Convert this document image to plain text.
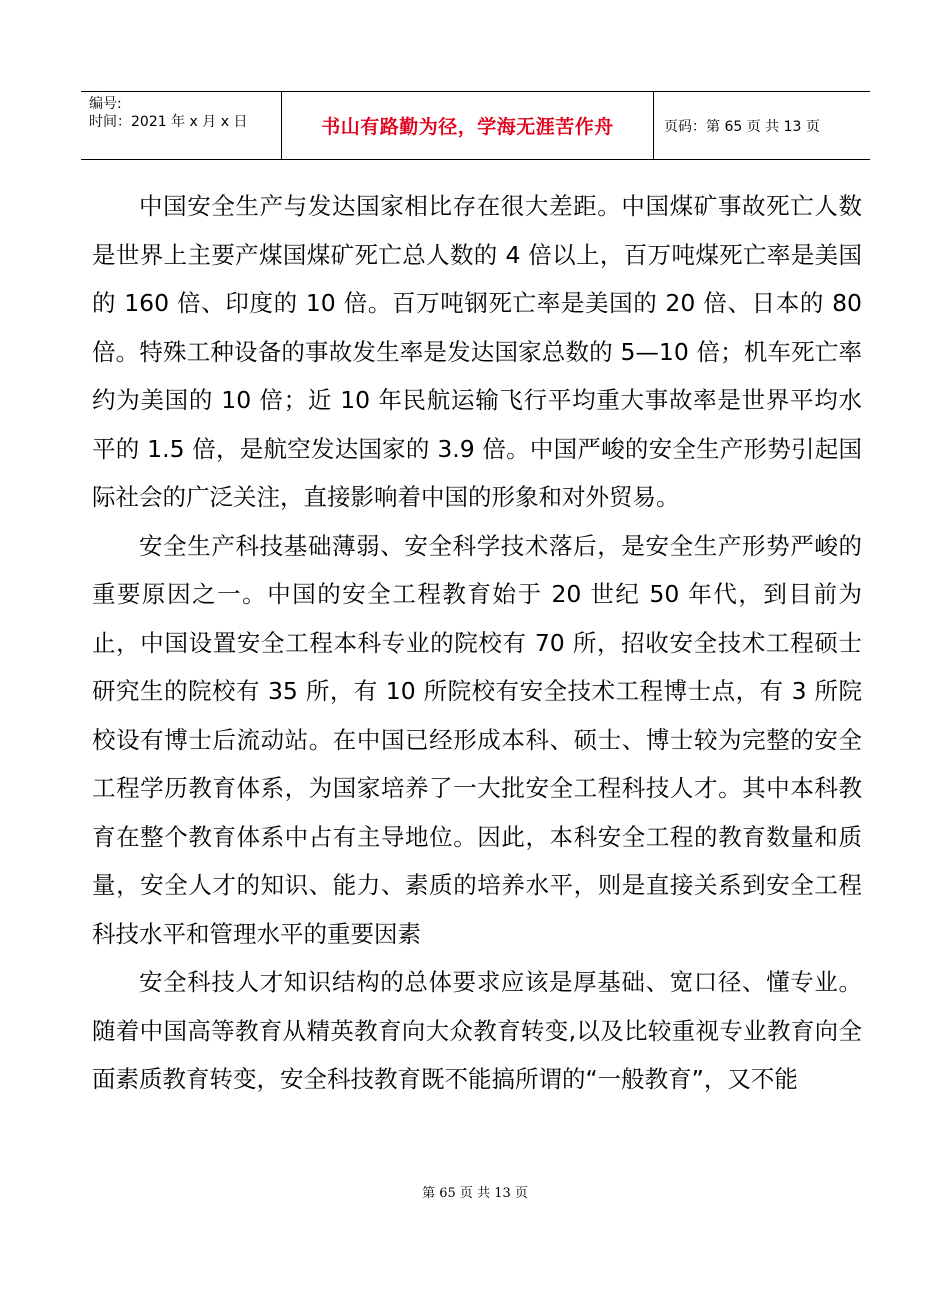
编号:
时间：2021 年 x 月 x 日	书山有路勤为径，学海无涯苦作舟	页码：第 65 页 共 13 页

中国安全生产与发达国家相比存在很大差距。中国煤矿事故死亡人数是世界上主要产煤国煤矿死亡总人数的 4 倍以上，百万吨煤死亡率是美国的 160 倍、印度的 10 倍。百万吨钢死亡率是美国的 20 倍、日本的 80 倍。特殊工种设备的事故发生率是发达国家总数的 5—10 倍；机车死亡率约为美国的 10 倍；近 10 年民航运输飞行平均重大事故率是世界平均水平的 1.5 倍，是航空发达国家的 3.9 倍。中国严峻的安全生产形势引起国际社会的广泛关注，直接影响着中国的形象和对外贸易。

安全生产科技基础薄弱、安全科学技术落后，是安全生产形势严峻的重要原因之一。中国的安全工程教育始于 20 世纪 50 年代，到目前为止，中国设置安全工程本科专业的院校有 70 所，招收安全技术工程硕士研究生的院校有 35 所，有 10 所院校有安全技术工程博士点，有 3 所院校设有博士后流动站。在中国已经形成本科、硕士、博士较为完整的安全工程学历教育体系，为国家培养了一大批安全工程科技人才。其中本科教育在整个教育体系中占有主导地位。因此，本科安全工程的教育数量和质量，安全人才的知识、能力、素质的培养水平，则是直接关系到安全工程科技水平和管理水平的重要因素

安全科技人才知识结构的总体要求应该是厚基础、宽口径、懂专业。随着中国高等教育从精英教育向大众教育转变,以及比较重视专业教育向全面素质教育转变，安全科技教育既不能搞所谓的“一般教育”，又不能

第 65 页 共 13 页
